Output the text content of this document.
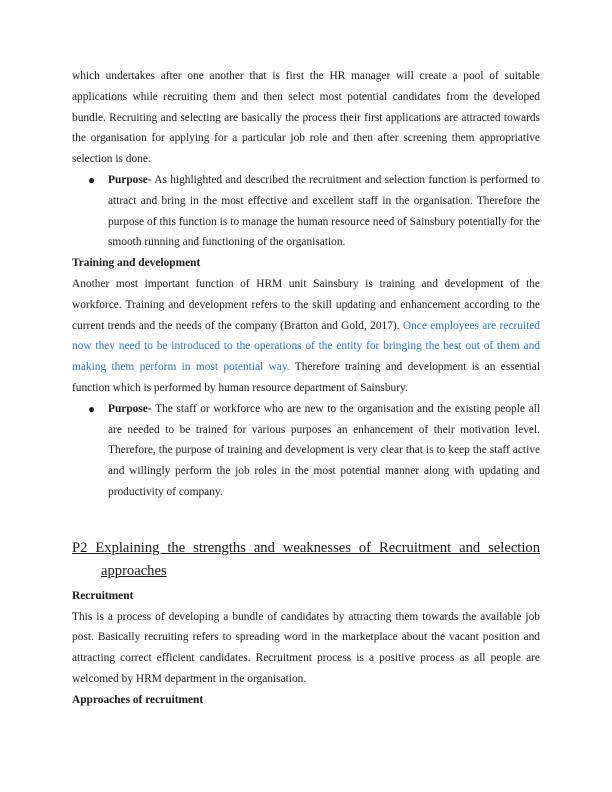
which undertakes after one another that is first the HR manager will create a pool of suitable applications while recruiting them and then select most potential candidates from the developed bundle. Recruiting and selecting are basically the process their first applications are attracted towards the organisation for applying for a particular job role and then after screening them appropriative selection is done.

● Purpose- As highlighted and described the recruitment and selection function is performed to attract and bring in the most effective and excellent staff in the organisation. Therefore the purpose of this function is to manage the human resource need of Sainsbury potentially for the smooth running and functioning of the organisation.

Training and development

Another most important function of HRM unit Sainsbury is training and development of the workforce. Training and development refers to the skill updating and enhancement according to the current trends and the needs of the company (Bratton and Gold, 2017). Once employees are recruited now they need to be introduced to the operations of the entity for bringing the best out of them and making them perform in most potential way. Therefore training and development is an essential function which is performed by human resource department of Sainsbury.

● Purpose- The staff or workforce who are new to the organisation and the existing people all are needed to be trained for various purposes an enhancement of their motivation level. Therefore, the purpose of training and development is very clear that is to keep the staff active and willingly perform the job roles in the most potential manner along with updating and productivity of company.

P2 Explaining the strengths and weaknesses of Recruitment and selection

approaches

Recruitment

This is a process of developing a bundle of candidates by attracting them towards the available job post. Basically recruiting refers to spreading word in the marketplace about the vacant position and attracting correct efficient candidates. Recruitment process is a positive process as all people are welcomed by HRM department in the organisation.

Approaches of recruitment
